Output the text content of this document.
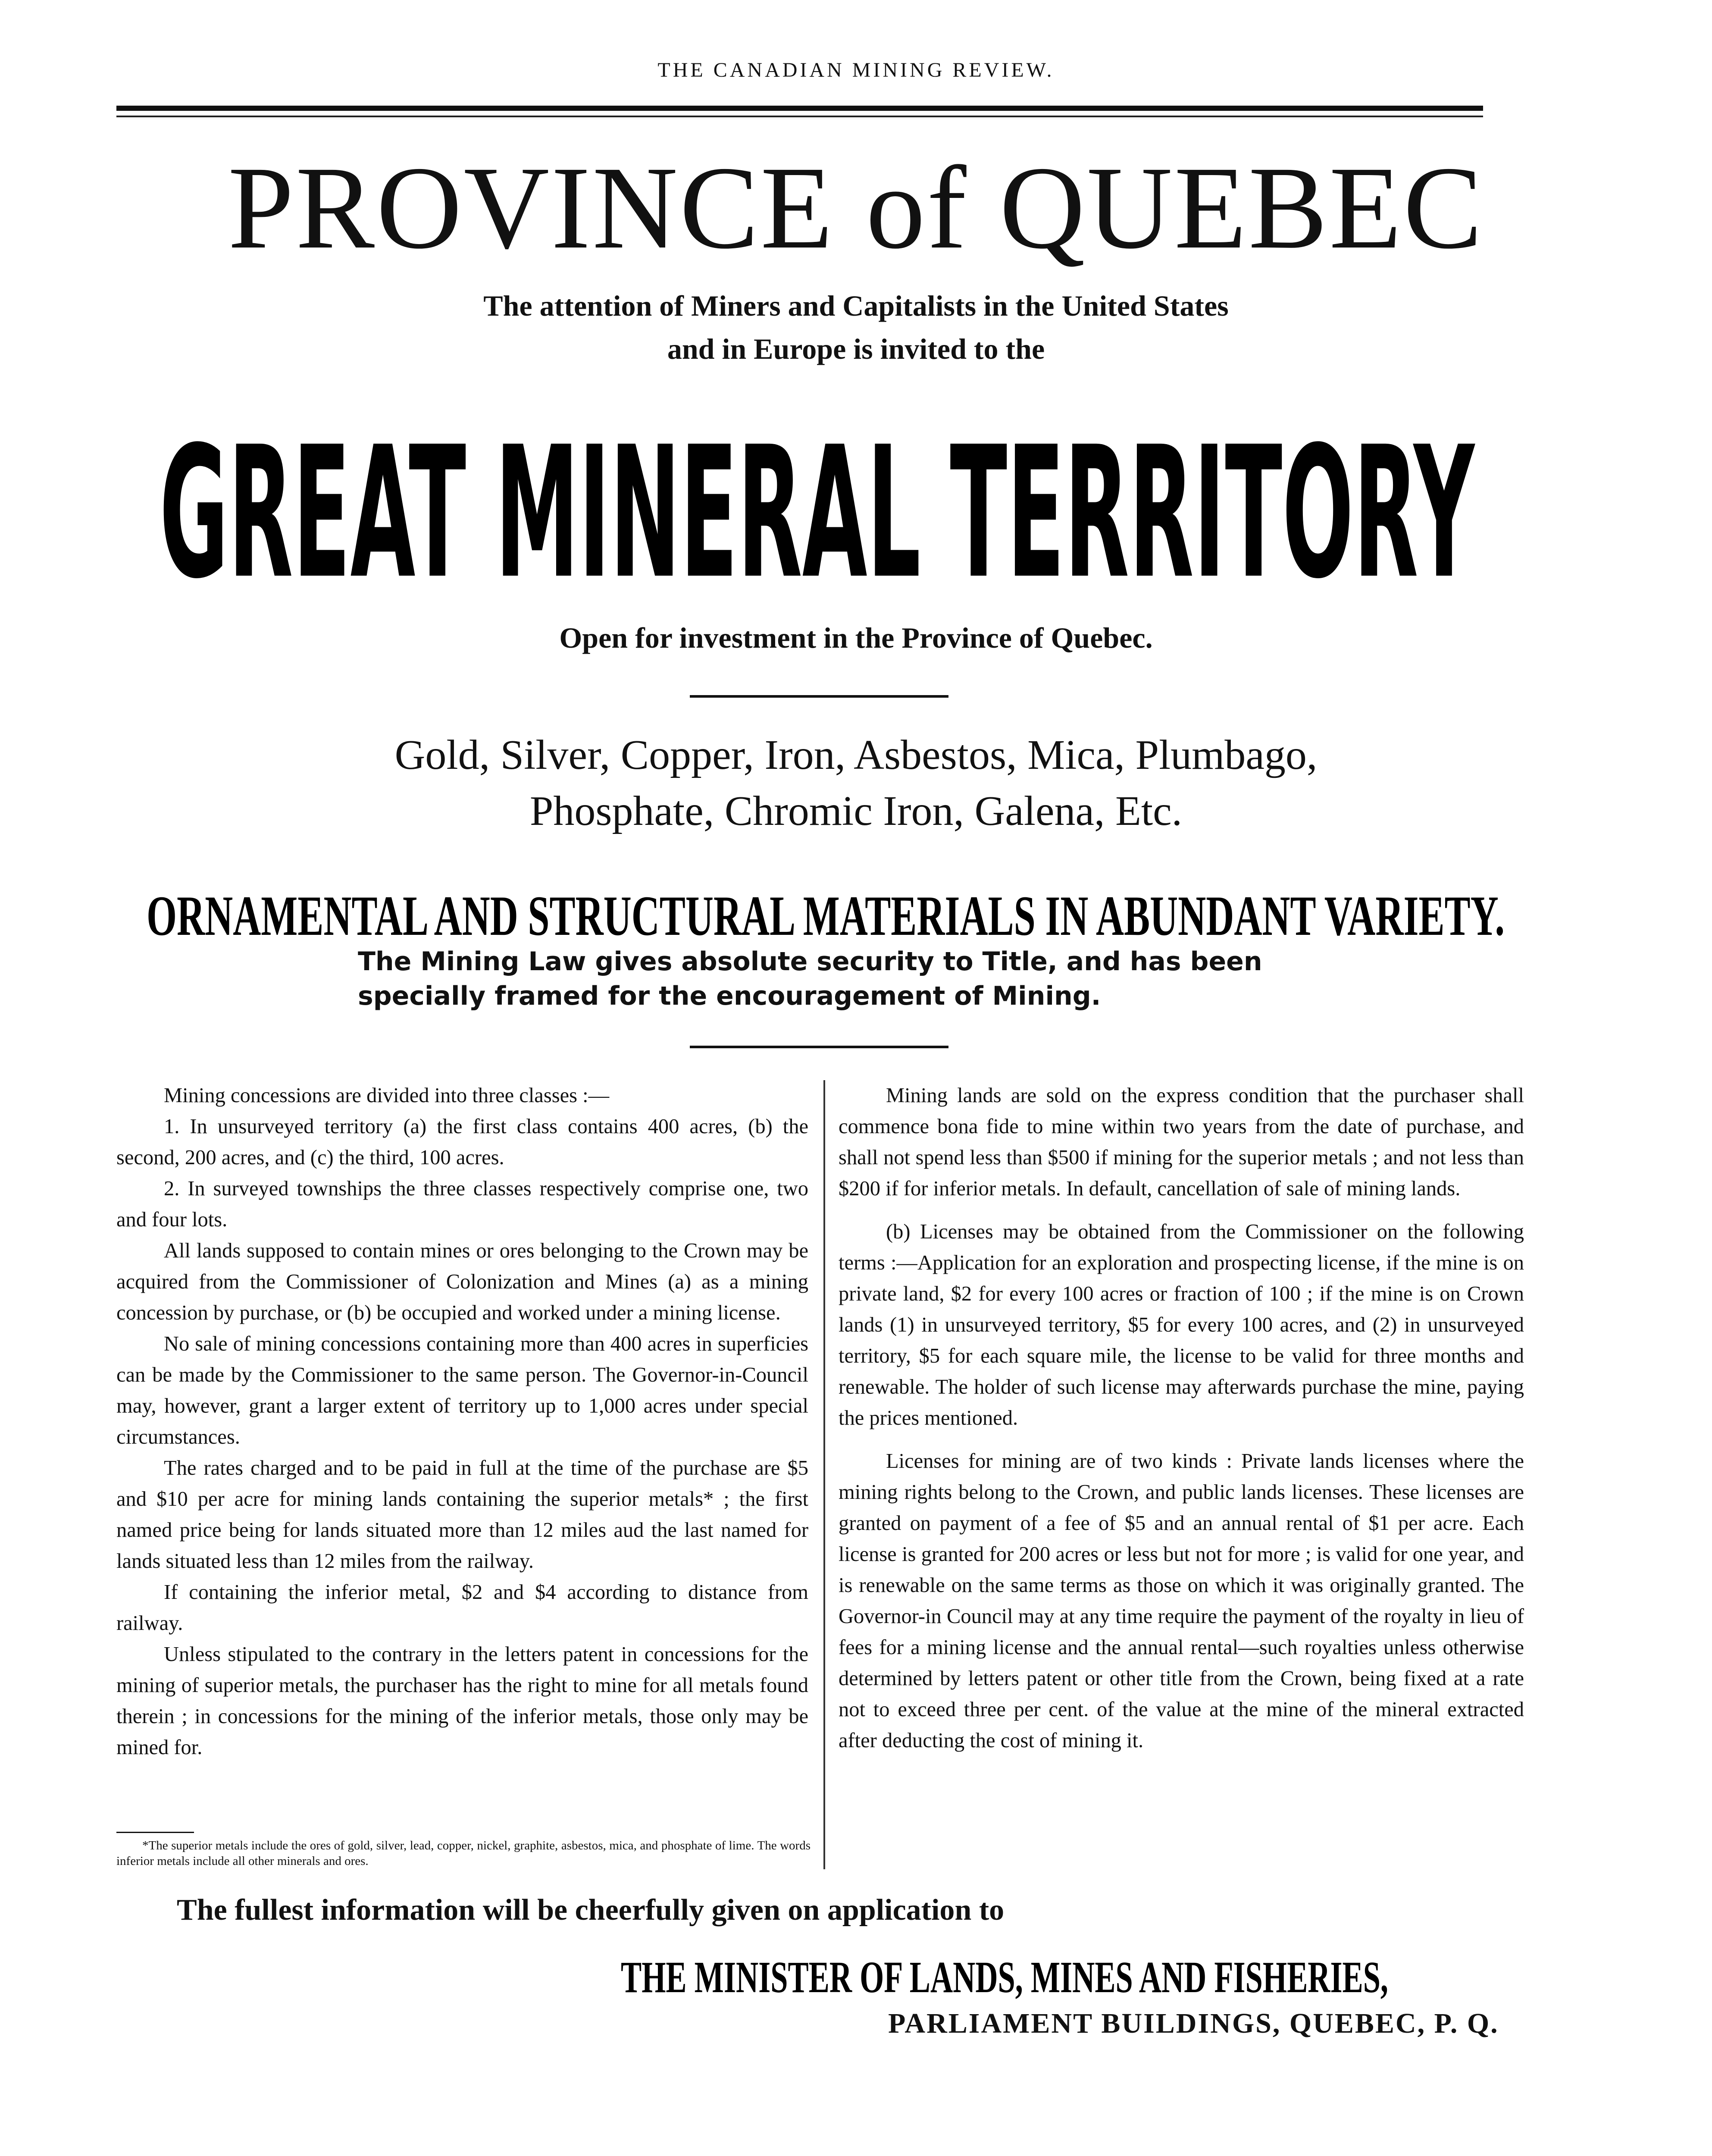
THE CANADIAN MINING REVIEW.
PROVINCE of QUEBEC
The attention of Miners and Capitalists in the United States
and in Europe is invited to the
GREAT MINERAL TERRITORY
Open for investment in the Province of Quebec.
Gold, Silver, Copper, Iron, Asbestos, Mica, Plumbago,
Phosphate, Chromic Iron, Galena, Etc.
ORNAMENTAL AND STRUCTURAL MATERIALS IN ABUNDANT VARIETY.
The Mining Law gives absolute security to Title, and has been
specially framed for the encouragement of Mining.

Mining concessions are divided into three classes :—

1. In unsurveyed territory (a) the first class contains 400 acres, (b) the second, 200 acres, and (c) the third, 100 acres.

2. In surveyed townships the three classes respectively comprise one, two and four lots.

All lands supposed to contain mines or ores belonging to the Crown may be acquired from the Commissioner of Colonization and Mines (a) as a mining concession by purchase, or (b) be occupied and worked under a mining license.

No sale of mining concessions containing more than 400 acres in superficies can be made by the Commissioner to the same person. The Governor-in-Council may, however, grant a larger extent of territory up to 1,000 acres under special circumstances.

The rates charged and to be paid in full at the time of the purchase are $5 and $10 per acre for mining lands containing the superior metals* ; the first named price being for lands situated more than 12 miles aud the last named for lands situated less than 12 miles from the railway.

If containing the inferior metal, $2 and $4 according to distance from railway.

Unless stipulated to the contrary in the letters patent in concessions for the mining of superior metals, the purchaser has the right to mine for all metals found therein ; in concessions for the mining of the inferior metals, those only may be mined for.

Mining lands are sold on the express condition that the purchaser shall commence bona fide to mine within two years from the date of purchase, and shall not spend less than $500 if mining for the superior metals ; and not less than $200 if for inferior metals. In default, cancellation of sale of mining lands.

(b) Licenses may be obtained from the Commissioner on the following terms :—Application for an exploration and prospecting license, if the mine is on private land, $2 for every 100 acres or fraction of 100 ; if the mine is on Crown lands (1) in unsurveyed territory, $5 for every 100 acres, and (2) in unsurveyed territory, $5 for each square mile, the license to be valid for three months and renewable. The holder of such license may afterwards purchase the mine, paying the prices mentioned.

Licenses for mining are of two kinds : Private lands licenses where the mining rights belong to the Crown, and public lands licenses. These licenses are granted on payment of a fee of $5 and an annual rental of $1 per acre. Each license is granted for 200 acres or less but not for more ; is valid for one year, and is renewable on the same terms as those on which it was originally granted. The Governor-in Council may at any time require the payment of the royalty in lieu of fees for a mining license and the annual rental—such royalties unless otherwise determined by letters patent or other title from the Crown, being fixed at a rate not to exceed three per cent. of the value at the mine of the mineral extracted after deducting the cost of mining it.

*The superior metals include the ores of gold, silver, lead, copper, nickel, graphite, asbestos, mica, and phosphate of lime. The words inferior metals include all other minerals and ores.

The fullest information will be cheerfully given on application to
THE MINISTER OF LANDS, MINES AND FISHERIES,
PARLIAMENT BUILDINGS, QUEBEC, P. Q.
